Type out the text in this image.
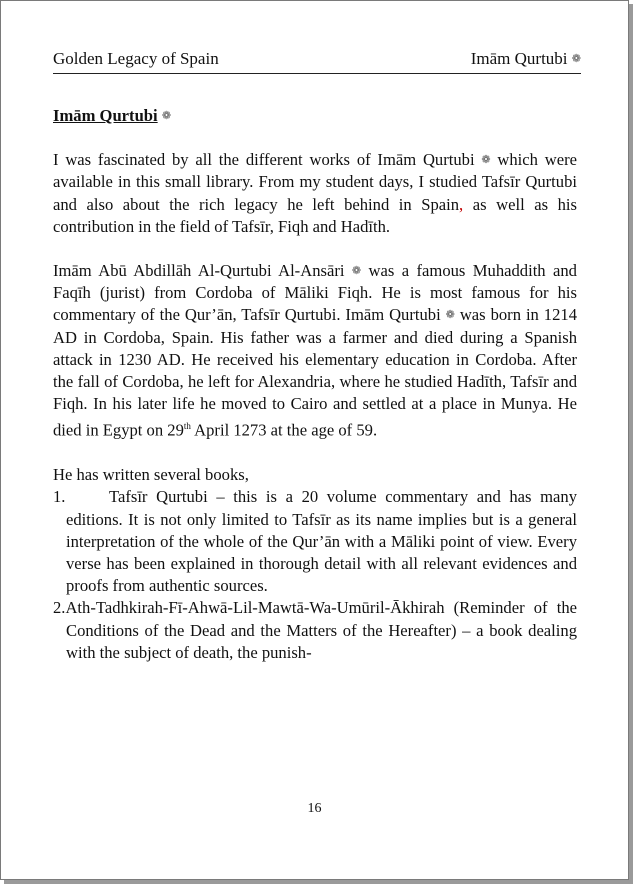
Golden Legacy of Spain	Imām Qurtubi ❁

Imām Qurtubi ❁

I was fascinated by all the different works of Imām Qurtubi ❁ which were available in this small library. From my student days, I studied Tafsīr Qurtubi and also about the rich legacy he left behind in Spain, as well as his contribution in the field of Tafsīr, Fiqh and Hadīth.

Imām Abū Abdillāh Al-Qurtubi Al-Ansāri ❁ was a famous Muhaddith and Faqīh (jurist) from Cordoba of Māliki Fiqh. He is most famous for his commentary of the Qur’ān, Tafsīr Qurtubi. Imām Qurtubi ❁ was born in 1214 AD in Cordoba, Spain. His father was a farmer and died during a Spanish attack in 1230 AD. He received his elementary education in Cordoba. After the fall of Cordoba, he left for Alexandria, where he studied Hadīth, Tafsīr and Fiqh. In his later life he moved to Cairo and settled at a place in Munya. He died in Egypt on 29th April 1273 at the age of 59.

He has written several books,

1.	Tafsīr Qurtubi – this is a 20 volume commentary and has many editions. It is not only limited to Tafsīr as its name implies but is a general interpretation of the whole of the Qur’ān with a Māliki point of view. Every verse has been explained in thorough detail with all relevant evidences and proofs from authentic sources.
2.Ath-Tadhkirah-Fī-Ahwā-Lil-Mawtā-Wa-Umūril-Ākhirah (Reminder of the Conditions of the Dead and the Matters of the Hereafter) – a book dealing with the subject of death, the punish-
16
